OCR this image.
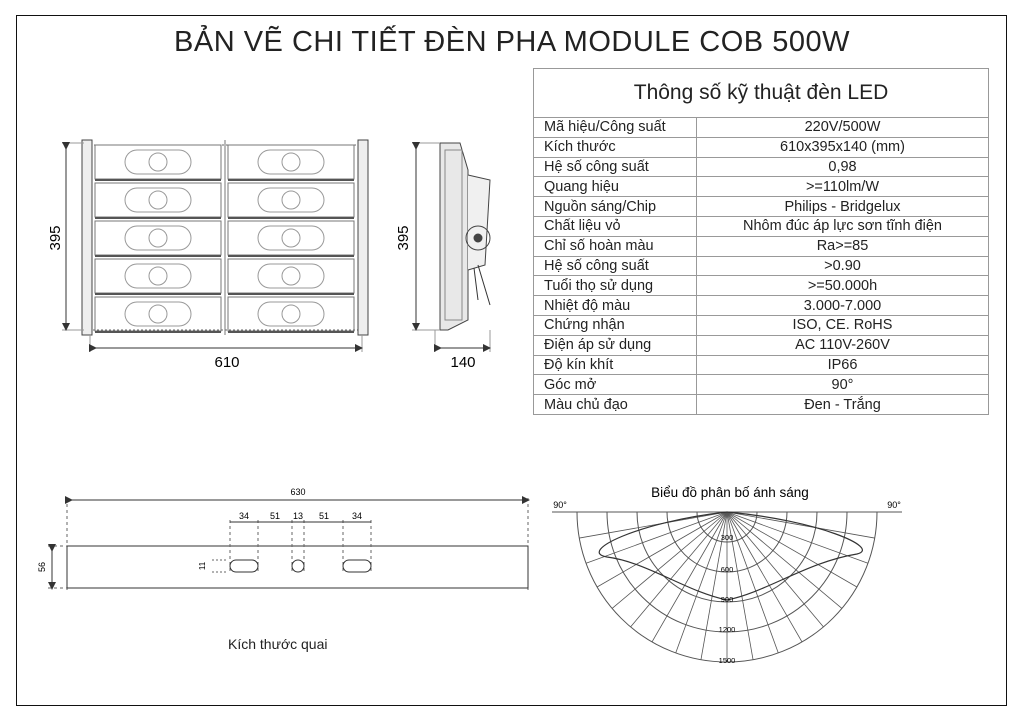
BẢN VẼ CHI TIẾT ĐÈN PHA MODULE COB 500W
Thông số kỹ thuật đèn LED	
Mã hiệu/Công suất	220V/500W
Kích thước	610x395x140 (mm)
Hệ số công suất	0,98
Quang hiệu	>=110lm/W
Nguồn sáng/Chip	Philips - Bridgelux
Chất liệu vỏ	Nhôm đúc áp lực sơn tĩnh điện
Chỉ số hoàn màu	Ra>=85
Hệ số công suất	>0.90
Tuổi thọ sử dụng	>=50.000h
Nhiệt độ màu	3.000-7.000
Chứng nhận	ISO, CE. RoHS
Điện áp sử dụng	AC 110V-260V
Độ kín khít	IP66
Góc mở	90°
Màu chủ đạo	Đen - Trắng
395
610
395
140
630
56	11
34 51 13 51	34
Biểu đồ phân bố ánh sáng
90°	90°
300
600
900
1200
1500
Kích thước quai
